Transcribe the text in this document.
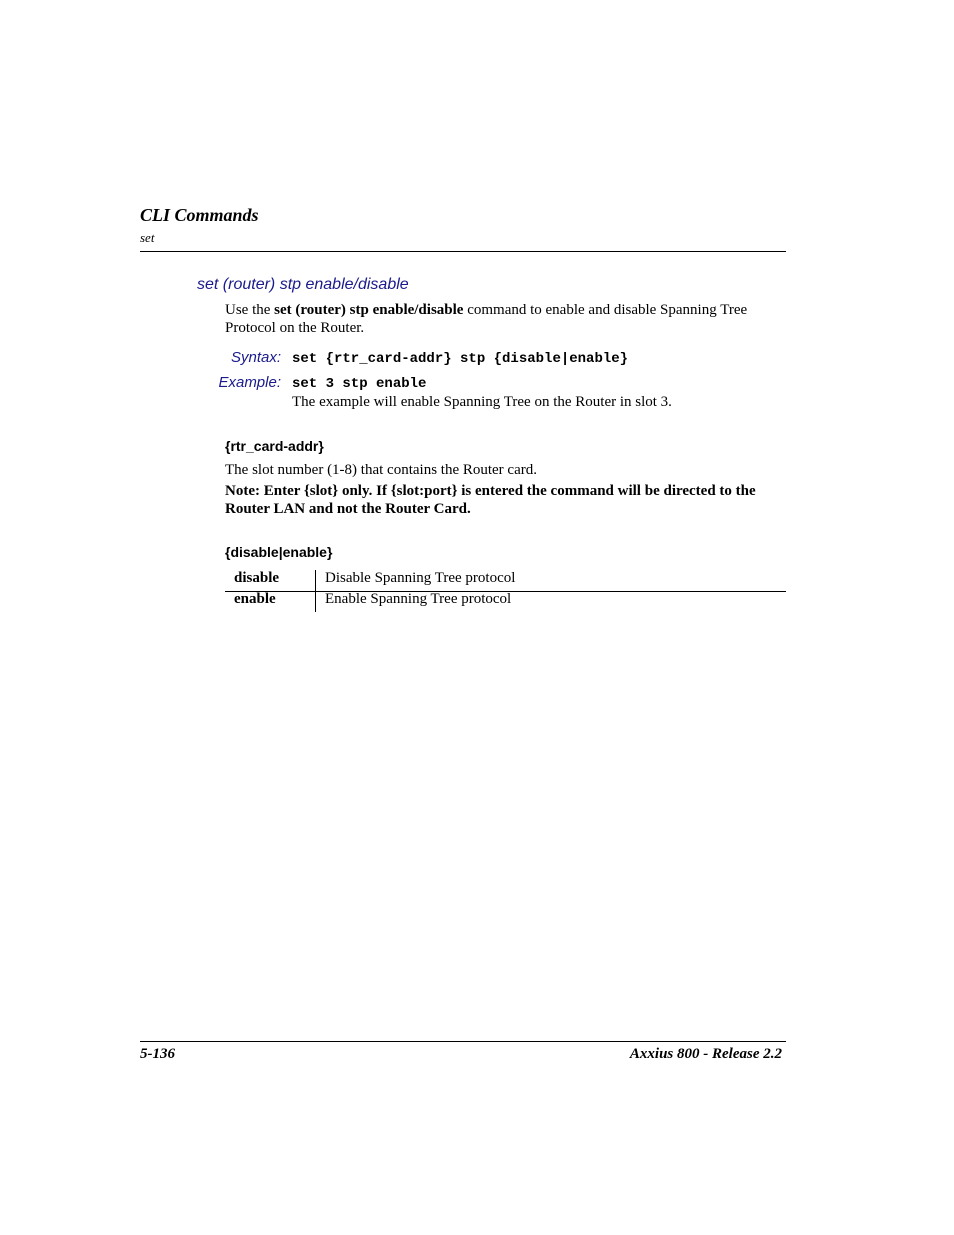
CLI Commands
set
set (router) stp enable/disable
Use the set (router) stp enable/disable command to enable and disable Spanning Tree
Protocol on the Router.
Syntax: set {rtr_card-addr} stp {disable|enable}
Example: set 3 stp enable
The example will enable Spanning Tree on the Router in slot 3.
{rtr_card-addr}
The slot number (1-8) that contains the Router card.
Note: Enter {slot} only. If {slot:port} is entered the command will be directed to the
Router LAN and not the Router Card.
{disable|enable}
disable	Disable Spanning Tree protocol
enable	Enable Spanning Tree protocol
5-136	Axxius 800 - Release 2.2
